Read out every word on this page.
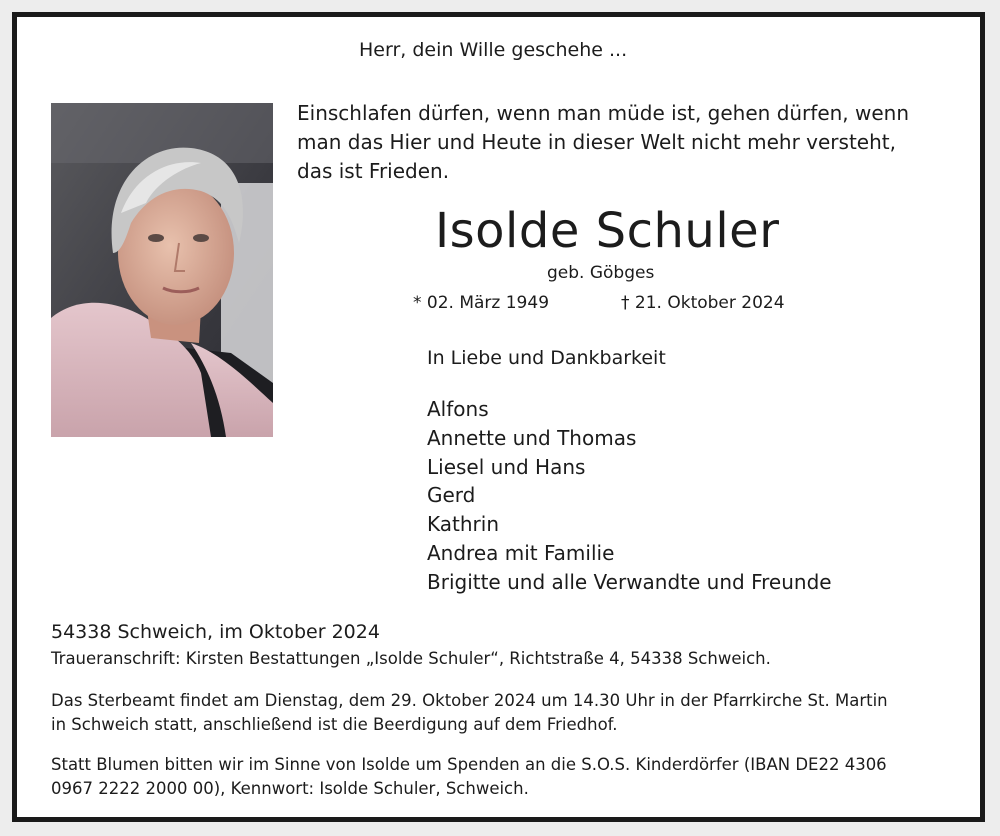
Herr, dein Wille geschehe ...
Einschlafen dürfen, wenn man müde ist, gehen dürfen, wenn
man das Hier und Heute in dieser Welt nicht mehr versteht,
das ist Frieden.
Isolde Schuler
geb. Göbges
* 02. März 1949	† 21. Oktober 2024
In Liebe und Dankbarkeit
Alfons
Annette und Thomas
Liesel und Hans
Gerd
Kathrin
Andrea mit Familie
Brigitte und alle Verwandte und Freunde
54338 Schweich, im Oktober 2024
Traueranschrift: Kirsten Bestattungen „Isolde Schuler“, Richtstraße 4, 54338 Schweich.
Das Sterbeamt findet am Dienstag, dem 29. Oktober 2024 um 14.30 Uhr in der Pfarrkirche St. Martin
in Schweich statt, anschließend ist die Beerdigung auf dem Friedhof.
Statt Blumen bitten wir im Sinne von Isolde um Spenden an die S.O.S. Kinderdörfer (IBAN DE22 4306
0967 2222 2000 00), Kennwort: Isolde Schuler, Schweich.
